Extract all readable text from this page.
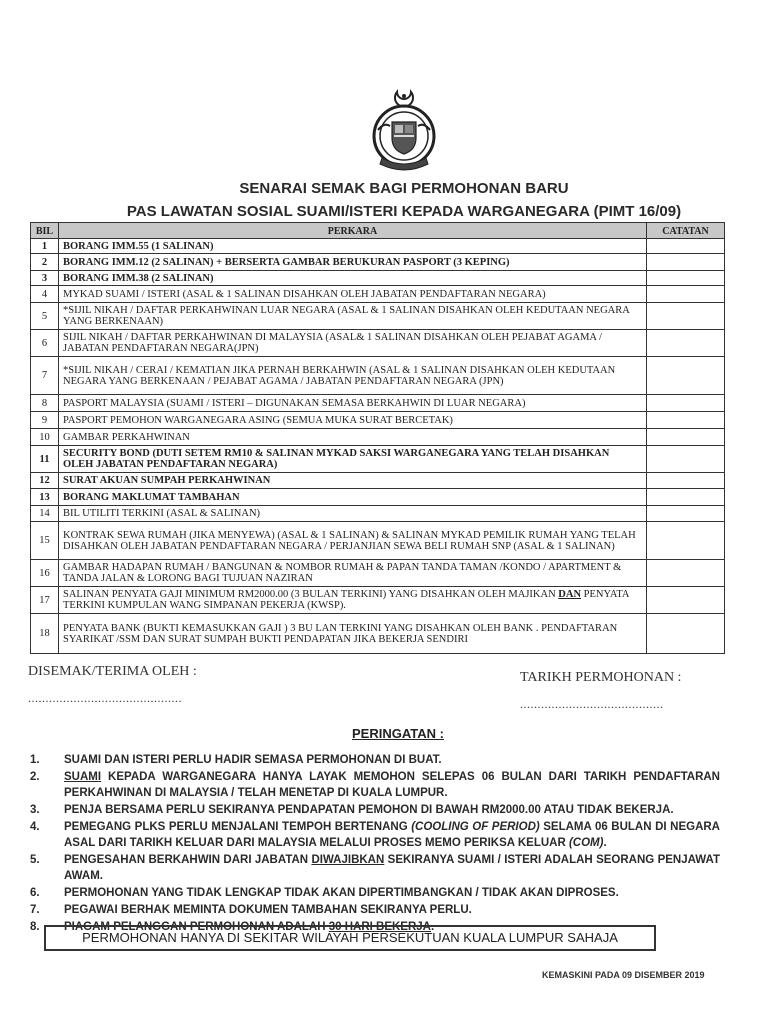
SENARAI SEMAK BAGI PERMOHONAN BARU
PAS LAWATAN SOSIAL SUAMI/ISTERI KEPADA WARGANEGARA (PIMT 16/09)
BIL	PERKARA	CATATAN
1	BORANG IMM.55 (1 SALINAN)	
2	BORANG IMM.12 (2 SALINAN) + BERSERTA GAMBAR BERUKURAN PASPORT (3 KEPING)	
3	BORANG IMM.38 (2 SALINAN)	
4	MYKAD SUAMI / ISTERI (ASAL & 1 SALINAN DISAHKAN OLEH JABATAN PENDAFTARAN NEGARA)	
5	*SIJIL NIKAH / DAFTAR PERKAHWINAN LUAR NEGARA (ASAL & 1 SALINAN DISAHKAN OLEH KEDUTAAN NEGARA YANG BERKENAAN)	
6	SIJIL NIKAH / DAFTAR PERKAHWINAN DI MALAYSIA (ASAL& 1 SALINAN DISAHKAN OLEH PEJABAT AGAMA / JABATAN PENDAFTARAN NEGARA(JPN)	
7	*SIJIL NIKAH / CERAI / KEMATIAN JIKA PERNAH BERKAHWIN (ASAL & 1 SALINAN DISAHKAN OLEH KEDUTAAN NEGARA YANG BERKENAAN / PEJABAT AGAMA / JABATAN PENDAFTARAN NEGARA (JPN)	
8	PASPORT MALAYSIA (SUAMI / ISTERI – DIGUNAKAN SEMASA BERKAHWIN DI LUAR NEGARA)	
9	PASPORT PEMOHON WARGANEGARA ASING (SEMUA MUKA SURAT BERCETAK)	
10	GAMBAR PERKAHWINAN	
11	SECURITY BOND (DUTI SETEM RM10 & SALINAN MYKAD SAKSI WARGANEGARA YANG TELAH DISAHKAN OLEH JABATAN PENDAFTARAN NEGARA)	
12	SURAT AKUAN SUMPAH PERKAHWINAN	
13	BORANG MAKLUMAT TAMBAHAN	
14	BIL UTILITI TERKINI (ASAL & SALINAN)	
15	KONTRAK SEWA RUMAH (JIKA MENYEWA) (ASAL & 1 SALINAN) & SALINAN MYKAD PEMILIK RUMAH YANG TELAH DISAHKAN OLEH JABATAN PENDAFTARAN NEGARA / PERJANJIAN SEWA BELI RUMAH SNP (ASAL & 1 SALINAN)	
16	GAMBAR HADAPAN RUMAH / BANGUNAN & NOMBOR RUMAH & PAPAN TANDA TAMAN /KONDO / APARTMENT & TANDA JALAN & LORONG BAGI TUJUAN NAZIRAN	
17	SALINAN PENYATA GAJI MINIMUM RM2000.00 (3 BULAN TERKINI) YANG DISAHKAN OLEH MAJIKAN DAN PENYATA TERKINI KUMPULAN WANG SIMPANAN PEKERJA (KWSP).	
18	PENYATA BANK (BUKTI KEMASUKKAN GAJI ) 3 BU LAN TERKINI YANG DISAHKAN OLEH BANK . PENDAFTARAN SYARIKAT /SSM DAN SURAT SUMPAH BUKTI PENDAPATAN JIKA BEKERJA SENDIRI	
DISEMAK/TERIMA OLEH :
............................................
TARIKH PERMOHONAN :
.........................................
PERINGATAN :
1.	SUAMI DAN ISTERI PERLU HADIR SEMASA PERMOHONAN DI BUAT.
2.	SUAMI KEPADA WARGANEGARA HANYA LAYAK MEMOHON SELEPAS 06 BULAN DARI TARIKH PENDAFTARAN PERKAHWINAN DI MALAYSIA / TELAH MENETAP DI KUALA LUMPUR.
3.	PENJA BERSAMA PERLU SEKIRANYA PENDAPATAN PEMOHON DI BAWAH RM2000.00 ATAU TIDAK BEKERJA.
4.	PEMEGANG PLKS PERLU MENJALANI TEMPOH BERTENANG (COOLING OF PERIOD) SELAMA 06 BULAN DI NEGARA ASAL DARI TARIKH KELUAR DARI MALAYSIA MELALUI PROSES MEMO PERIKSA KELUAR (COM).
5.	PENGESAHAN BERKAHWIN DARI JABATAN DIWAJIBKAN SEKIRANYA SUAMI / ISTERI ADALAH SEORANG PENJAWAT AWAM.
6.	PERMOHONAN YANG TIDAK LENGKAP TIDAK AKAN DIPERTIMBANGKAN / TIDAK AKAN DIPROSES.
7.	PEGAWAI BERHAK MEMINTA DOKUMEN TAMBAHAN SEKIRANYA PERLU.
8.	PIAGAM PELANGGAN PERMOHONAN ADALAH 30 HARI BEKERJA.
PERMOHONAN HANYA DI SEKITAR WILAYAH PERSEKUTUAN KUALA LUMPUR SAHAJA
KEMASKINI PADA 09 DISEMBER 2019
